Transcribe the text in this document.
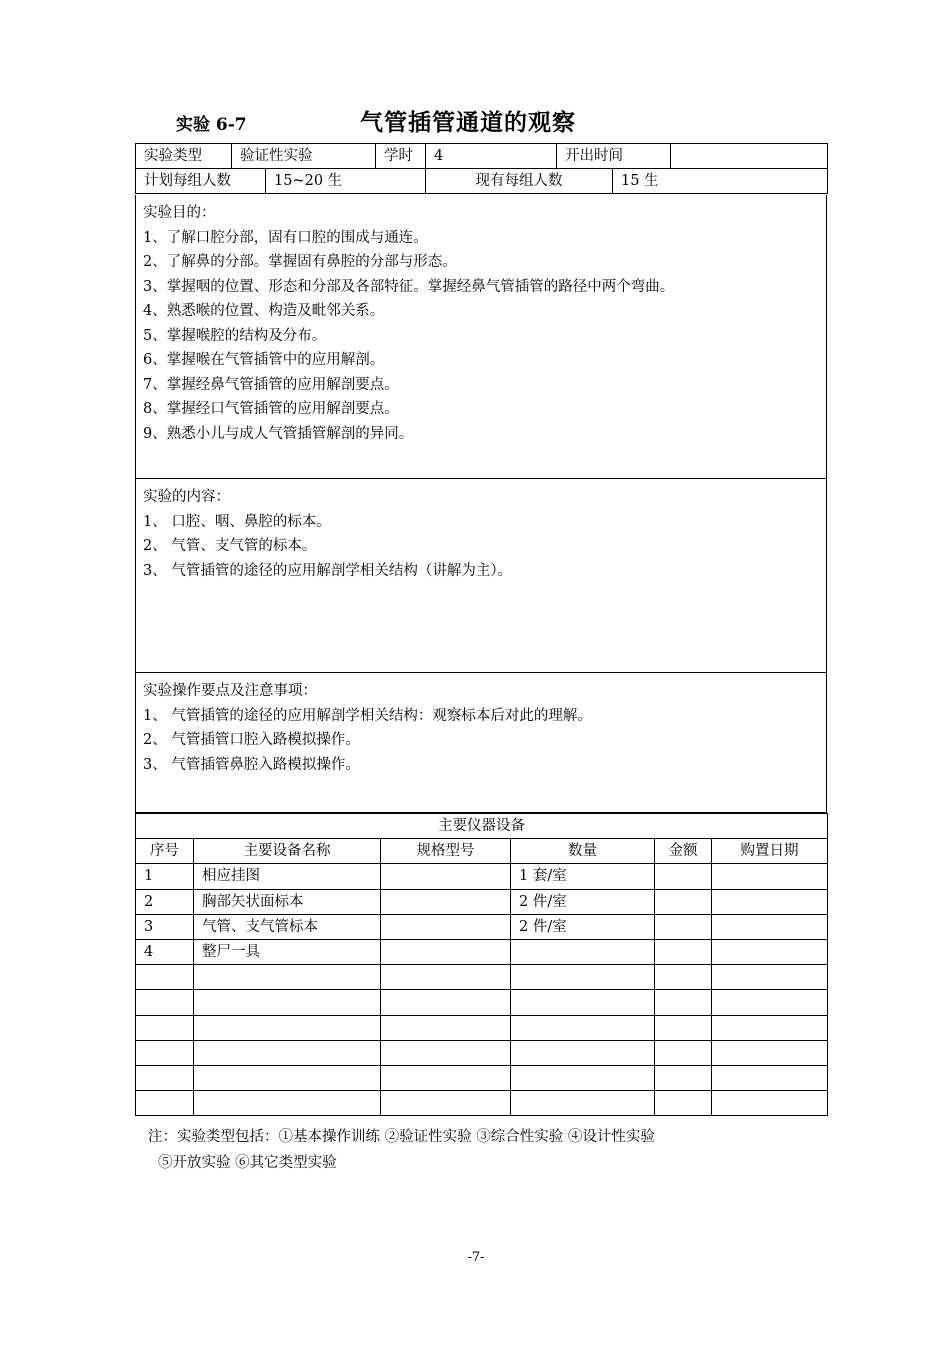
实验 6-7	气管插管通道的观察
实验类型	验证性实验		学时	4	开出时间		
计划每组人数		15~20 生		现有每组人数		15 生	
实验目的：
1、了解口腔分部，固有口腔的围成与通连。
2、了解鼻的分部。掌握固有鼻腔的分部与形态。
3、掌握咽的位置、形态和分部及各部特征。掌握经鼻气管插管的路径中两个弯曲。
4、熟悉喉的位置、构造及毗邻关系。
5、掌握喉腔的结构及分布。
6、掌握喉在气管插管中的应用解剖。
7、掌握经鼻气管插管的应用解剖要点。
8、掌握经口气管插管的应用解剖要点。
9、熟悉小儿与成人气管插管解剖的异同。
实验的内容：
1、 口腔、咽、鼻腔的标本。
2、 气管、支气管的标本。
3、 气管插管的途径的应用解剖学相关结构（讲解为主）。
实验操作要点及注意事项：
1、 气管插管的途径的应用解剖学相关结构：观察标本后对此的理解。
2、 气管插管口腔入路模拟操作。
3、 气管插管鼻腔入路模拟操作。
主要仪器设备					
序号	主要设备名称	规格型号	数量	金额	购置日期
1	相应挂图		1 套/室		
2	胸部矢状面标本		2 件/室		
3	气管、支气管标本		2 件/室		
4	整尸一具				

注：实验类型包括：①基本操作训练 ②验证性实验 ③综合性实验 ④设计性实验
⑤开放实验 ⑥其它类型实验
-7-
